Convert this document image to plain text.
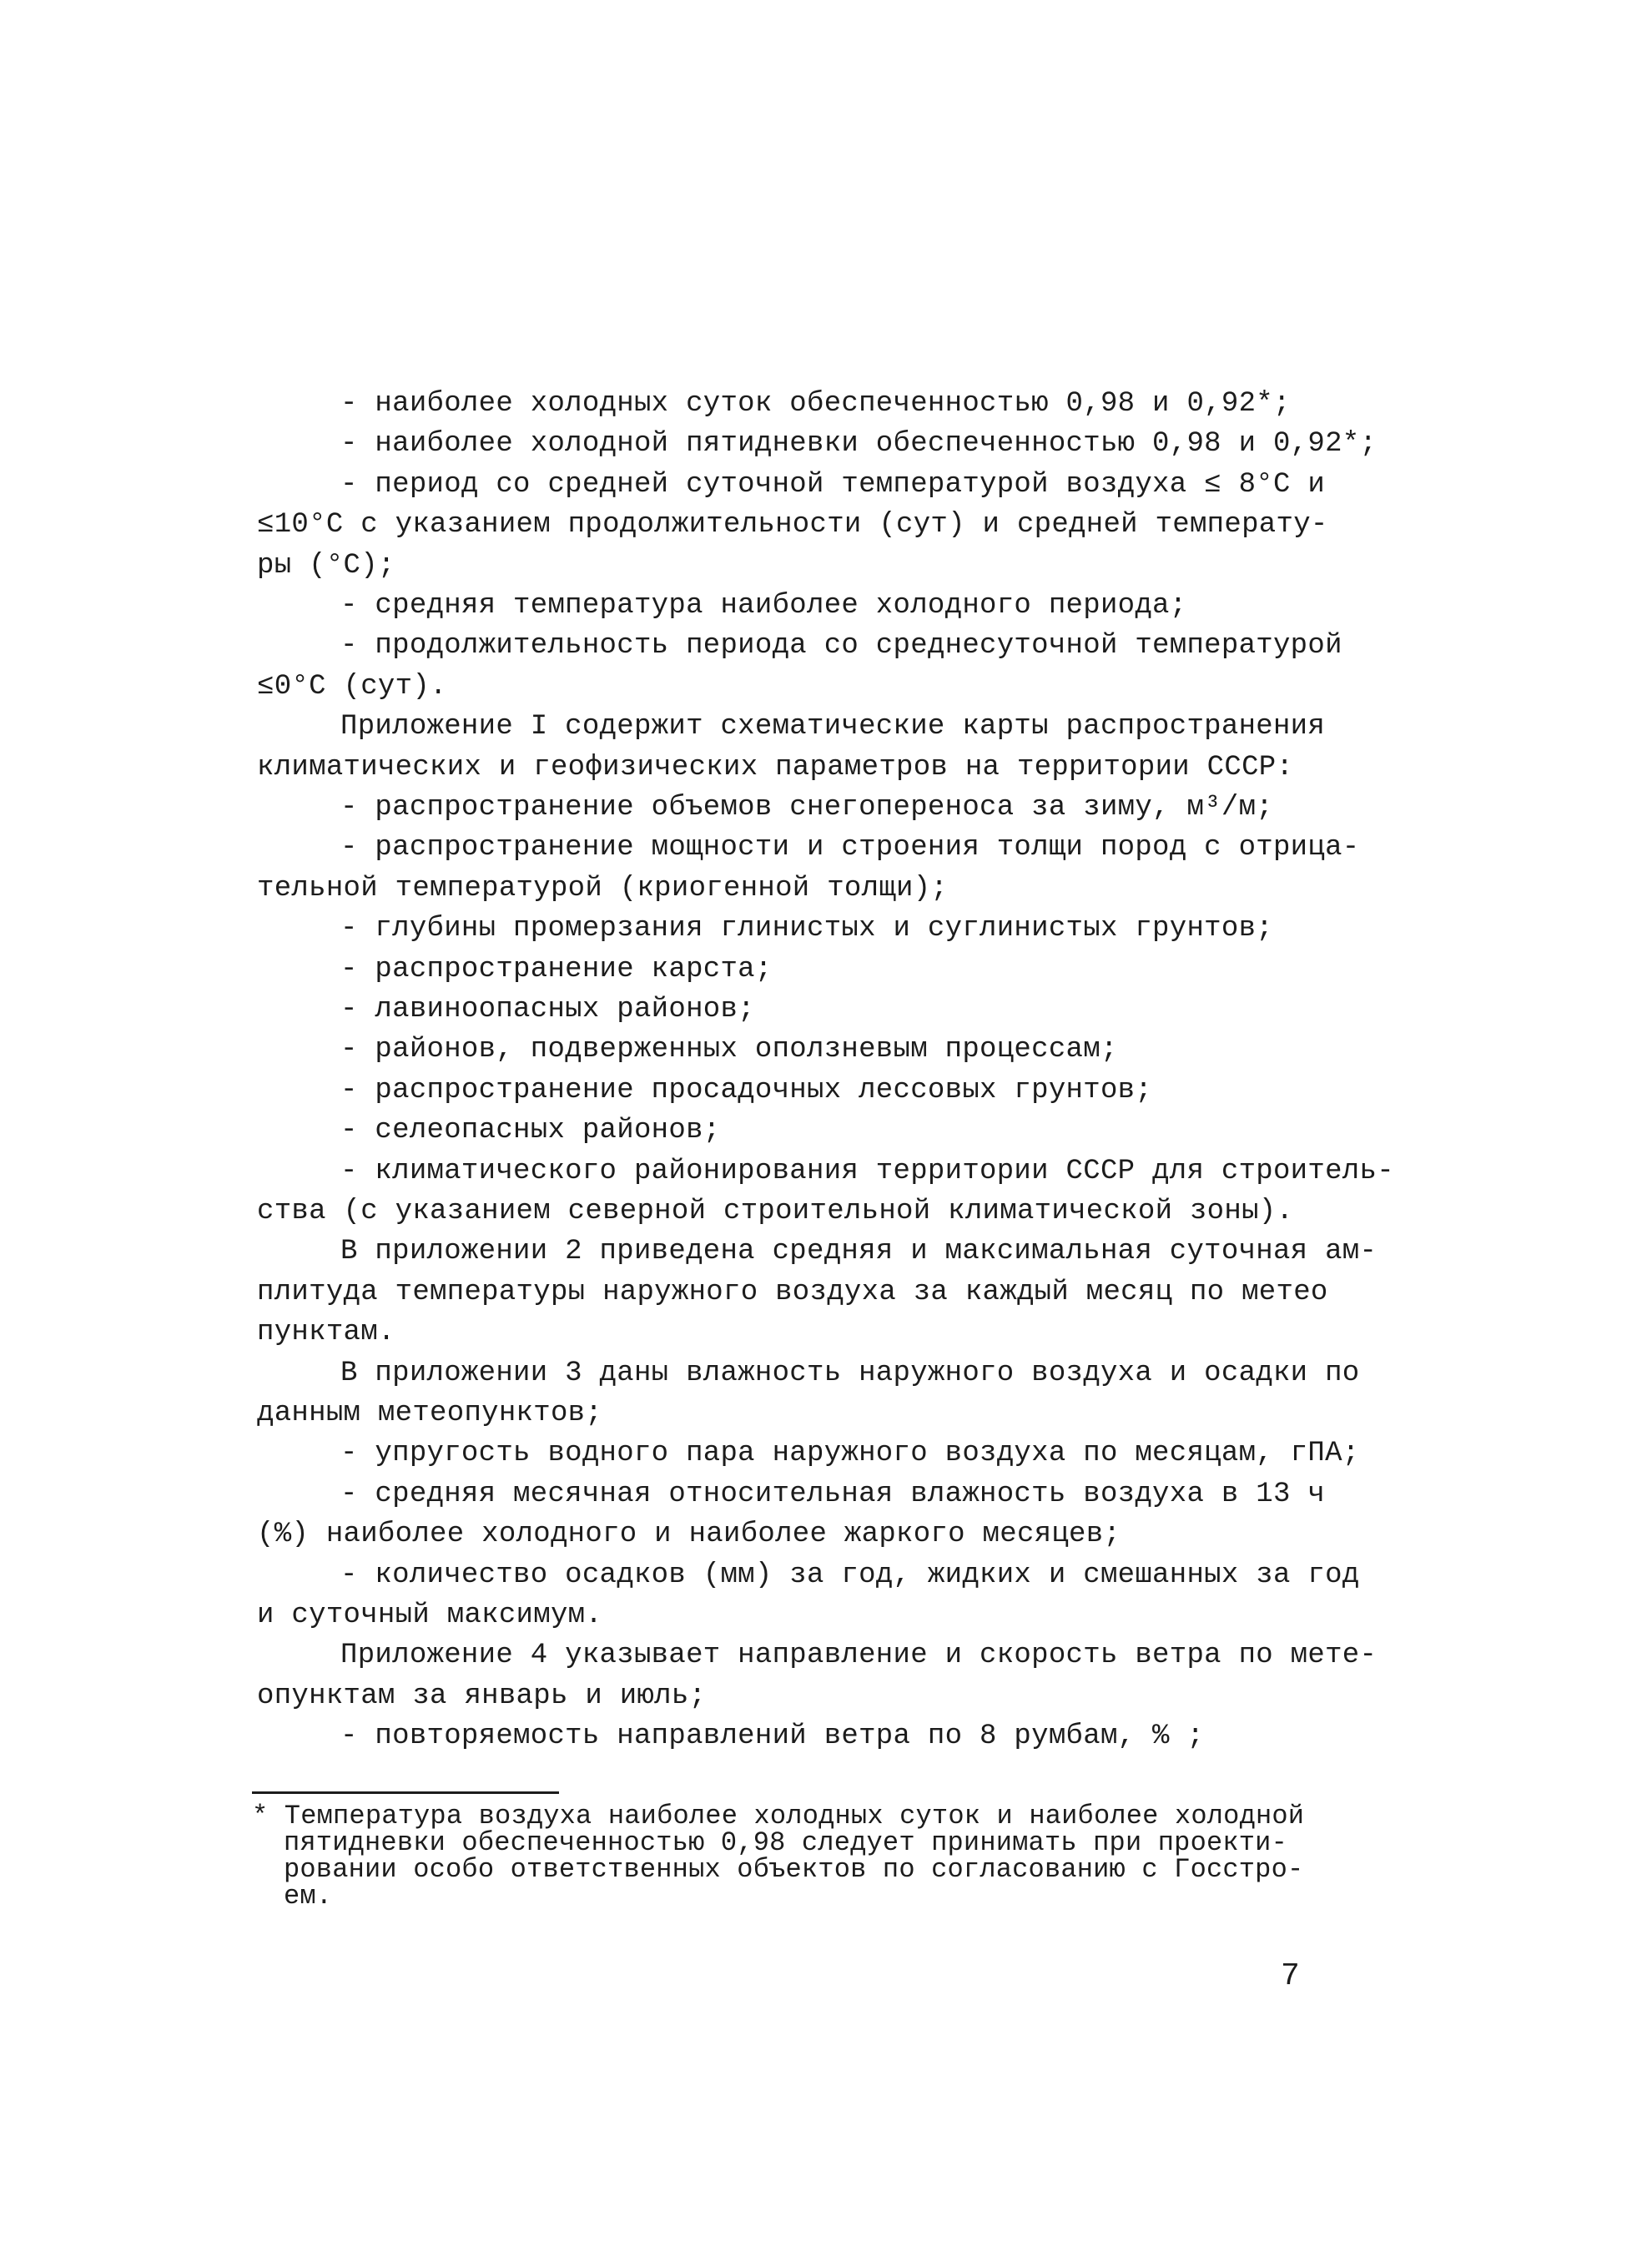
- наиболее холодных суток обеспеченностью 0,98 и 0,92*;
- наиболее холодной пятидневки обеспеченностью 0,98 и 0,92*;
- период со средней суточной температурой воздуха ≤ 8°С и
≤10°С с указанием продолжительности (сут) и средней температу-
ры (°С);
- средняя температура наиболее холодного периода;
- продолжительность периода со среднесуточной температурой
≤0°С (сут).
Приложение I содержит схематические карты распространения
климатических и геофизических параметров на территории СССР:
- распространение объемов снегопереноса за зиму, м³/м;
- распространение мощности и строения толщи пород с отрица-
тельной температурой (криогенной толщи);
- глубины промерзания глинистых и суглинистых грунтов;
- распространение карста;
- лавиноопасных районов;
- районов, подверженных оползневым процессам;
- распространение просадочных лессовых грунтов;
- селеопасных районов;
- климатического районирования территории СССР для строитель-
ства (с указанием северной строительной климатической зоны).
В приложении 2 приведена средняя и максимальная суточная ам-
плитуда температуры наружного воздуха за каждый месяц по метео
пунктам.
В приложении 3 даны влажность наружного воздуха и осадки по
данным метеопунктов;
- упругость водного пара наружного воздуха по месяцам, гПА;
- средняя месячная относительная влажность воздуха в 13 ч
(%) наиболее холодного и наиболее жаркого месяцев;
- количество осадков (мм) за год, жидких и смешанных за год
и суточный максимум.
Приложение 4 указывает направление и скорость ветра по мете-
опунктам за январь и июль;
- повторяемость направлений ветра по 8 румбам, % ;
* Температура воздуха наиболее холодных суток и наиболее холодной
пятидневки обеспеченностью 0,98 следует принимать при проекти-
ровании особо ответственных объектов по согласованию с Госстро-
ем.
7
